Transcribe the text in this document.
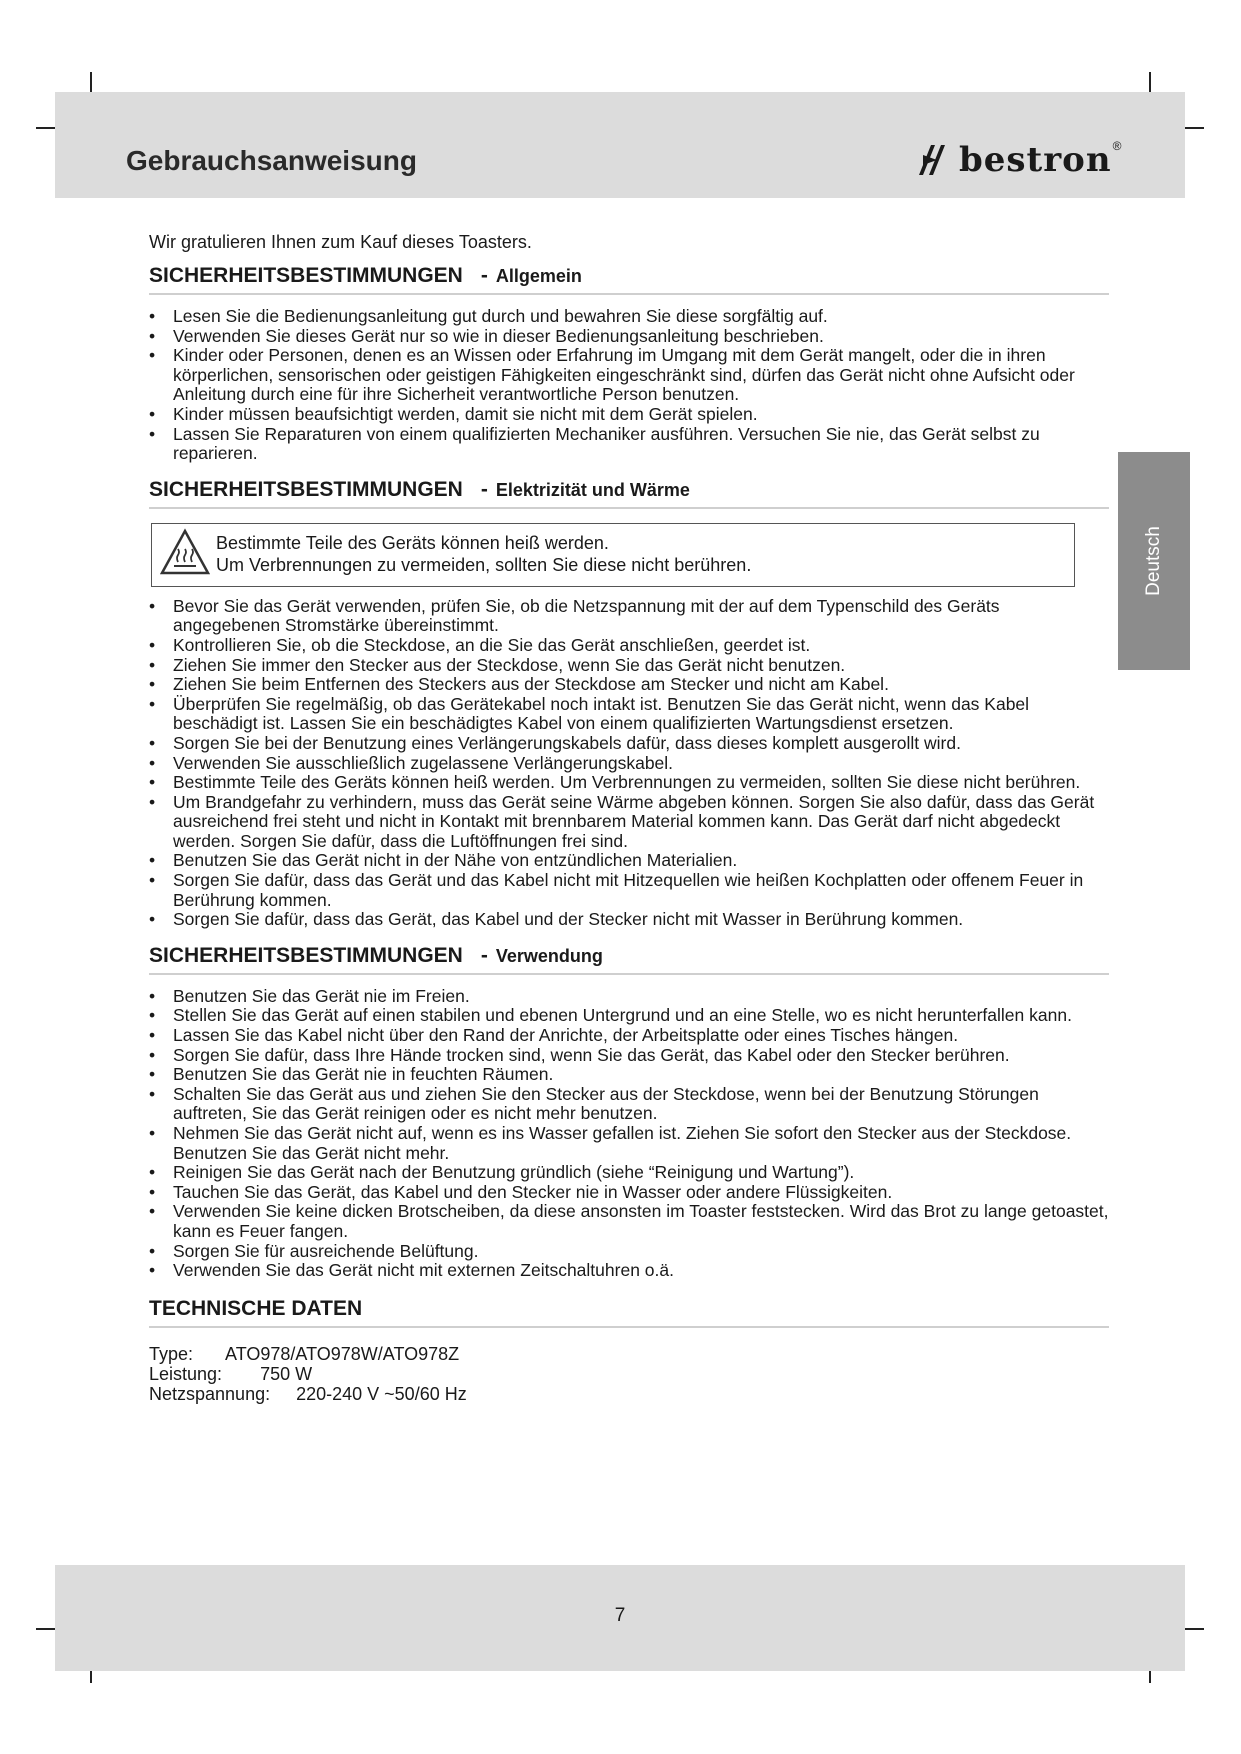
Gebrauchsanweisung	bestron ®
Deutsch

Wir gratulieren Ihnen zum Kauf dieses Toasters.

SICHERHEITSBESTIMMUNGEN - Allgemein
• Lesen Sie die Bedienungsanleitung gut durch und bewahren Sie diese sorgfältig auf.
• Verwenden Sie dieses Gerät nur so wie in dieser Bedienungsanleitung beschrieben.
• Kinder oder Personen, denen es an Wissen oder Erfahrung im Umgang mit dem Gerät mangelt, oder die in ihren körperlichen, sensorischen oder geistigen Fähigkeiten eingeschränkt sind, dürfen das Gerät nicht ohne Aufsicht oder Anleitung durch eine für ihre Sicherheit verantwortliche Person benutzen.
• Kinder müssen beaufsichtigt werden, damit sie nicht mit dem Gerät spielen.
• Lassen Sie Reparaturen von einem qualifizierten Mechaniker ausführen. Versuchen Sie nie, das Gerät selbst zu reparieren.
SICHERHEITSBESTIMMUNGEN - Elektrizität und Wärme
Bestimmte Teile des Geräts können heiß werden.
Um Verbrennungen zu vermeiden, sollten Sie diese nicht berühren.
• Bevor Sie das Gerät verwenden, prüfen Sie, ob die Netzspannung mit der auf dem Typenschild des Geräts angegebenen Stromstärke übereinstimmt.
• Kontrollieren Sie, ob die Steckdose, an die Sie das Gerät anschließen, geerdet ist.
• Ziehen Sie immer den Stecker aus der Steckdose, wenn Sie das Gerät nicht benutzen.
• Ziehen Sie beim Entfernen des Steckers aus der Steckdose am Stecker und nicht am Kabel.
• Überprüfen Sie regelmäßig, ob das Gerätekabel noch intakt ist. Benutzen Sie das Gerät nicht, wenn das Kabel beschädigt ist. Lassen Sie ein beschädigtes Kabel von einem qualifizierten Wartungsdienst ersetzen.
• Sorgen Sie bei der Benutzung eines Verlängerungskabels dafür, dass dieses komplett ausgerollt wird.
• Verwenden Sie ausschließlich zugelassene Verlängerungskabel.
• Bestimmte Teile des Geräts können heiß werden. Um Verbrennungen zu vermeiden, sollten Sie diese nicht berühren.
• Um Brandgefahr zu verhindern, muss das Gerät seine Wärme abgeben können. Sorgen Sie also dafür, dass das Gerät ausreichend frei steht und nicht in Kontakt mit brennbarem Material kommen kann. Das Gerät darf nicht abgedeckt werden. Sorgen Sie dafür, dass die Luftöffnungen frei sind.
• Benutzen Sie das Gerät nicht in der Nähe von entzündlichen Materialien.
• Sorgen Sie dafür, dass das Gerät und das Kabel nicht mit Hitzequellen wie heißen Kochplatten oder offenem Feuer in Berührung kommen.
• Sorgen Sie dafür, dass das Gerät, das Kabel und der Stecker nicht mit Wasser in Berührung kommen.
SICHERHEITSBESTIMMUNGEN - Verwendung
• Benutzen Sie das Gerät nie im Freien.
• Stellen Sie das Gerät auf einen stabilen und ebenen Untergrund und an eine Stelle, wo es nicht herunterfallen kann.
• Lassen Sie das Kabel nicht über den Rand der Anrichte, der Arbeitsplatte oder eines Tisches hängen.
• Sorgen Sie dafür, dass Ihre Hände trocken sind, wenn Sie das Gerät, das Kabel oder den Stecker berühren.
• Benutzen Sie das Gerät nie in feuchten Räumen.
• Schalten Sie das Gerät aus und ziehen Sie den Stecker aus der Steckdose, wenn bei der Benutzung Störungen auftreten, Sie das Gerät reinigen oder es nicht mehr benutzen.
• Nehmen Sie das Gerät nicht auf, wenn es ins Wasser gefallen ist. Ziehen Sie sofort den Stecker aus der Steckdose. Benutzen Sie das Gerät nicht mehr.
• Reinigen Sie das Gerät nach der Benutzung gründlich (siehe “Reinigung und Wartung”).
• Tauchen Sie das Gerät, das Kabel und den Stecker nie in Wasser oder andere Flüssigkeiten.
• Verwenden Sie keine dicken Brotscheiben, da diese ansonsten im Toaster feststecken. Wird das Brot zu lange getoastet, kann es Feuer fangen.
• Sorgen Sie für ausreichende Belüftung.
• Verwenden Sie das Gerät nicht mit externen Zeitschaltuhren o.ä.
TECHNISCHE DATEN
Type: ATO978/ATO978W/ATO978Z
Leistung: 750 W
Netzspannung: 220-240 V ~50/60 Hz
7
